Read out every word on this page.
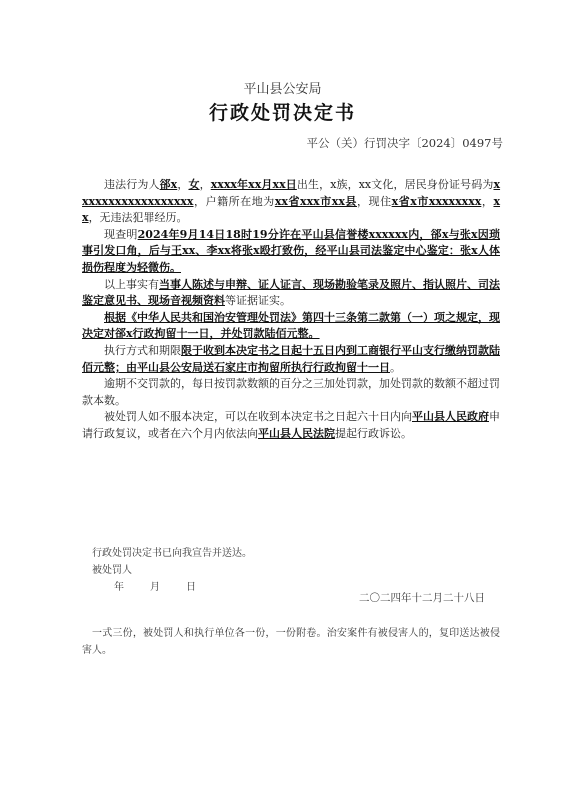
平山县公安局
行政处罚决定书
平公（关）行罚决字〔2024〕0497号

违法行为人郤x，女，xxxx年xx月xx日出生，x族，xx文化，居民身份证号码为xxxxxxxxxxxxxxxxxx，户籍所在地为xx省xxx市xx县，现住x省x市xxxxxxxx，xx，无违法犯罪经历。

现查明2024年9月14日18时19分许在平山县信誉楼xxxxxx内，郤x与张x因琐事引发口角，后与王xx、李xx将张x殴打致伤，经平山县司法鉴定中心鉴定：张x人体损伤程度为轻微伤。

以上事实有当事人陈述与申辩、证人证言、现场勘验笔录及照片、指认照片、司法鉴定意见书、现场音视频资料等证据证实。

根据《中华人民共和国治安管理处罚法》第四十三条第二款第（一）项之规定，现决定对郤x行政拘留十一日，并处罚款陆佰元整。

执行方式和期限限于收到本决定书之日起十五日内到工商银行平山支行缴纳罚款陆佰元整；由平山县公安局送石家庄市拘留所执行行政拘留十一日。

逾期不交罚款的，每日按罚款数额的百分之三加处罚款，加处罚款的数额不超过罚款本数。

被处罚人如不服本决定，可以在收到本决定书之日起六十日内向平山县人民政府申请行政复议，或者在六个月内依法向平山县人民法院提起行政诉讼。

行政处罚决定书已向我宣告并送达。
被处罚人
年	月	日
二〇二四年十二月二十八日
一式三份，被处罚人和执行单位各一份，一份附卷。治安案件有被侵害人的，复印送达被侵害人。
